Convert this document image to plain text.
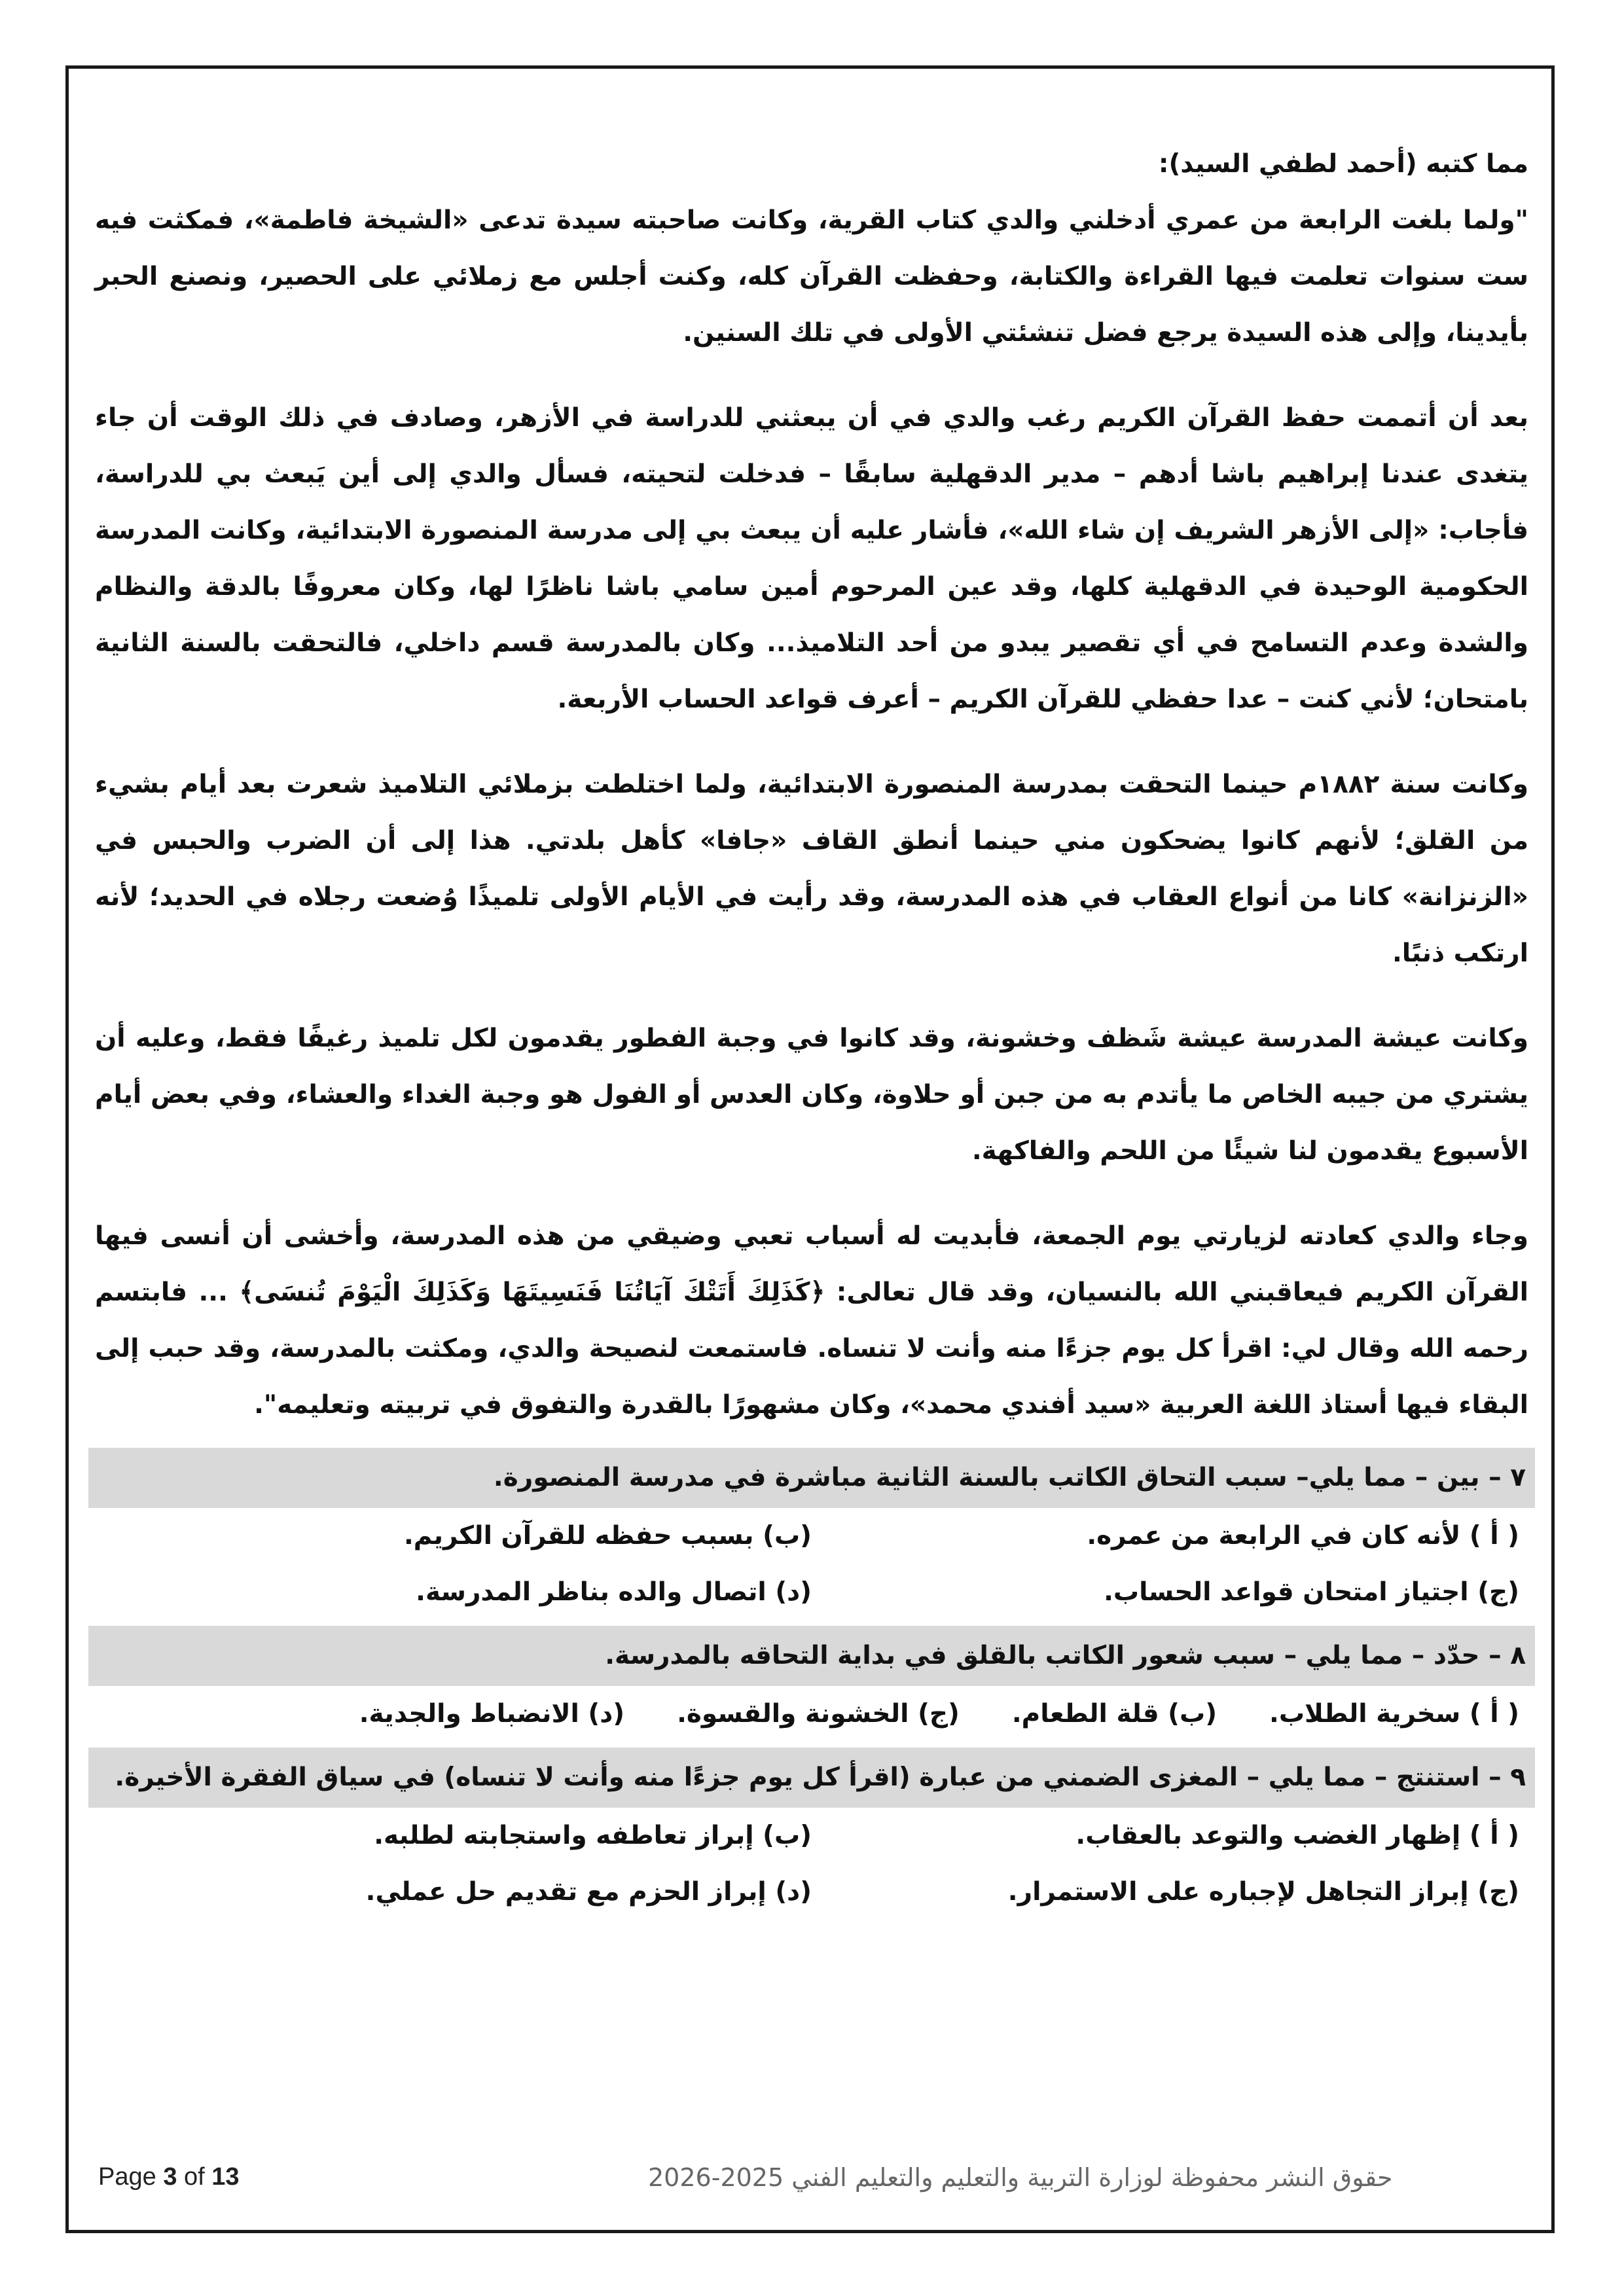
مما كتبه (أحمد لطفي السيد):

"ولما بلغت الرابعة من عمري أدخلني والدي كتاب القرية، وكانت صاحبته سيدة تدعى «الشيخة فاطمة»، فمكثت فيه ست سنوات تعلمت فيها القراءة والكتابة، وحفظت القرآن كله، وكنت أجلس مع زملائي على الحصير، ونصنع الحبر بأيدينا، وإلى هذه السيدة يرجع فضل تنشئتي الأولى في تلك السنين.

بعد أن أتممت حفظ القرآن الكريم رغب والدي في أن يبعثني للدراسة في الأزهر، وصادف في ذلك الوقت أن جاء يتغدى عندنا إبراهيم باشا أدهم – مدير الدقهلية سابقًا – فدخلت لتحيته، فسأل والدي إلى أين يَبعث بي للدراسة، فأجاب: «إلى الأزهر الشريف إن شاء الله»، فأشار عليه أن يبعث بي إلى مدرسة المنصورة الابتدائية، وكانت المدرسة الحكومية الوحيدة في الدقهلية كلها، وقد عين المرحوم أمين سامي باشا ناظرًا لها، وكان معروفًا بالدقة والنظام والشدة وعدم التسامح في أي تقصير يبدو من أحد التلاميذ... وكان بالمدرسة قسم داخلي، فالتحقت بالسنة الثانية بامتحان؛ لأني كنت – عدا حفظي للقرآن الكريم – أعرف قواعد الحساب الأربعة.

وكانت سنة ١٨٨٢م حينما التحقت بمدرسة المنصورة الابتدائية، ولما اختلطت بزملائي التلاميذ شعرت بعد أيام بشيء من القلق؛ لأنهم كانوا يضحكون مني حينما أنطق القاف «جافا» كأهل بلدتي. هذا إلى أن الضرب والحبس في «الزنزانة» كانا من أنواع العقاب في هذه المدرسة، وقد رأيت في الأيام الأولى تلميذًا وُضعت رجلاه في الحديد؛ لأنه ارتكب ذنبًا.

وكانت عيشة المدرسة عيشة شَظف وخشونة، وقد كانوا في وجبة الفطور يقدمون لكل تلميذ رغيفًا فقط، وعليه أن يشتري من جيبه الخاص ما يأتدم به من جبن أو حلاوة، وكان العدس أو الفول هو وجبة الغداء والعشاء، وفي بعض أيام الأسبوع يقدمون لنا شيئًا من اللحم والفاكهة.

وجاء والدي كعادته لزيارتي يوم الجمعة، فأبديت له أسباب تعبي وضيقي من هذه المدرسة، وأخشى أن أنسى فيها القرآن الكريم فيعاقبني الله بالنسيان، وقد قال تعالى: ﴿كَذَلِكَ أَتَتْكَ آيَاتُنَا فَنَسِيتَهَا وَكَذَلِكَ الْيَوْمَ تُنسَى﴾ ... فابتسم رحمه الله وقال لي: اقرأ كل يوم جزءًا منه وأنت لا تنساه. فاستمعت لنصيحة والدي، ومكثت بالمدرسة، وقد حبب إلى البقاء فيها أستاذ اللغة العربية «سيد أفندي محمد»، وكان مشهورًا بالقدرة والتفوق في تربيته وتعليمه".

٧ – بين – مما يلي– سبب التحاق الكاتب بالسنة الثانية مباشرة في مدرسة المنصورة.
( أ ) لأنه كان في الرابعة من عمره.
(ب) بسبب حفظه للقرآن الكريم.
(ج) اجتياز امتحان قواعد الحساب.
(د) اتصال والده بناظر المدرسة.
٨ – حدّد – مما يلي – سبب شعور الكاتب بالقلق في بداية التحاقه بالمدرسة.
( أ ) سخرية الطلاب.
(ب) قلة الطعام.
(ج) الخشونة والقسوة.
(د) الانضباط والجدية.
٩ – استنتج – مما يلي – المغزى الضمني من عبارة (اقرأ كل يوم جزءًا منه وأنت لا تنساه) في سياق الفقرة الأخيرة.
( أ ) إظهار الغضب والتوعد بالعقاب.
(ب) إبراز تعاطفه واستجابته لطلبه.
(ج) إبراز التجاهل لإجباره على الاستمرار.
(د) إبراز الحزم مع تقديم حل عملي.
حقوق النشر محفوظة لوزارة التربية والتعليم والتعليم الفني 2025-2026
Page 3 of 13
